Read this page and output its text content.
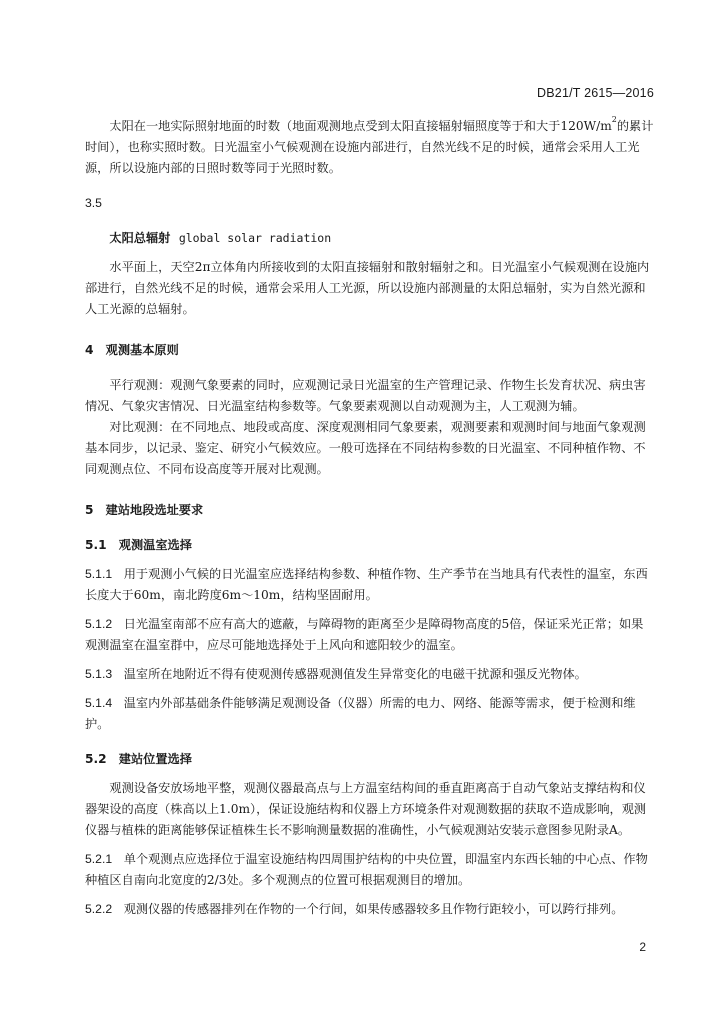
DB21/T 2615—2016

太阳在一地实际照射地面的时数（地面观测地点受到太阳直接辐射辐照度等于和大于$120W/m^2$的累计时间），也称实照时数。日光温室小气候观测在设施内部进行，自然光线不足的时候，通常会采用人工光源，所以设施内部的日照时数等同于光照时数。

3.5

太阳总辐射 global solar radiation

水平面上，天空2π立体角内所接收到的太阳直接辐射和散射辐射之和。日光温室小气候观测在设施内部进行，自然光线不足的时候，通常会采用人工光源，所以设施内部测量的太阳总辐射，实为自然光源和人工光源的总辐射。

4　观测基本原则

平行观测：观测气象要素的同时，应观测记录日光温室的生产管理记录、作物生长发育状况、病虫害情况、气象灾害情况、日光温室结构参数等。气象要素观测以自动观测为主，人工观测为辅。

对比观测：在不同地点、地段或高度、深度观测相同气象要素，观测要素和观测时间与地面气象观测基本同步，以记录、鉴定、研究小气候效应。一般可选择在不同结构参数的日光温室、不同种植作物、不同观测点位、不同布设高度等开展对比观测。

5　建站地段选址要求

5.1　观测温室选择

5.1.1 用于观测小气候的日光温室应选择结构参数、种植作物、生产季节在当地具有代表性的温室，东西长度大于60m，南北跨度6m～10m，结构坚固耐用。

5.1.2 日光温室南部不应有高大的遮蔽，与障碍物的距离至少是障碍物高度的5倍，保证采光正常；如果观测温室在温室群中，应尽可能地选择处于上风向和遮阳较少的温室。

5.1.3 温室所在地附近不得有使观测传感器观测值发生异常变化的电磁干扰源和强反光物体。

5.1.4 温室内外部基础条件能够满足观测设备（仪器）所需的电力、网络、能源等需求，便于检测和维护。

5.2　建站位置选择

观测设备安放场地平整，观测仪器最高点与上方温室结构间的垂直距离高于自动气象站支撑结构和仪器架设的高度（株高以上1.0m），保证设施结构和仪器上方环境条件对观测数据的获取不造成影响，观测仪器与植株的距离能够保证植株生长不影响测量数据的准确性，小气候观测站安装示意图参见附录A。

5.2.1 单个观测点应选择位于温室设施结构四周围护结构的中央位置，即温室内东西长轴的中心点、作物种植区自南向北宽度的2/3处。多个观测点的位置可根据观测目的增加。

5.2.2 观测仪器的传感器排列在作物的一个行间，如果传感器较多且作物行距较小，可以跨行排列。

2
